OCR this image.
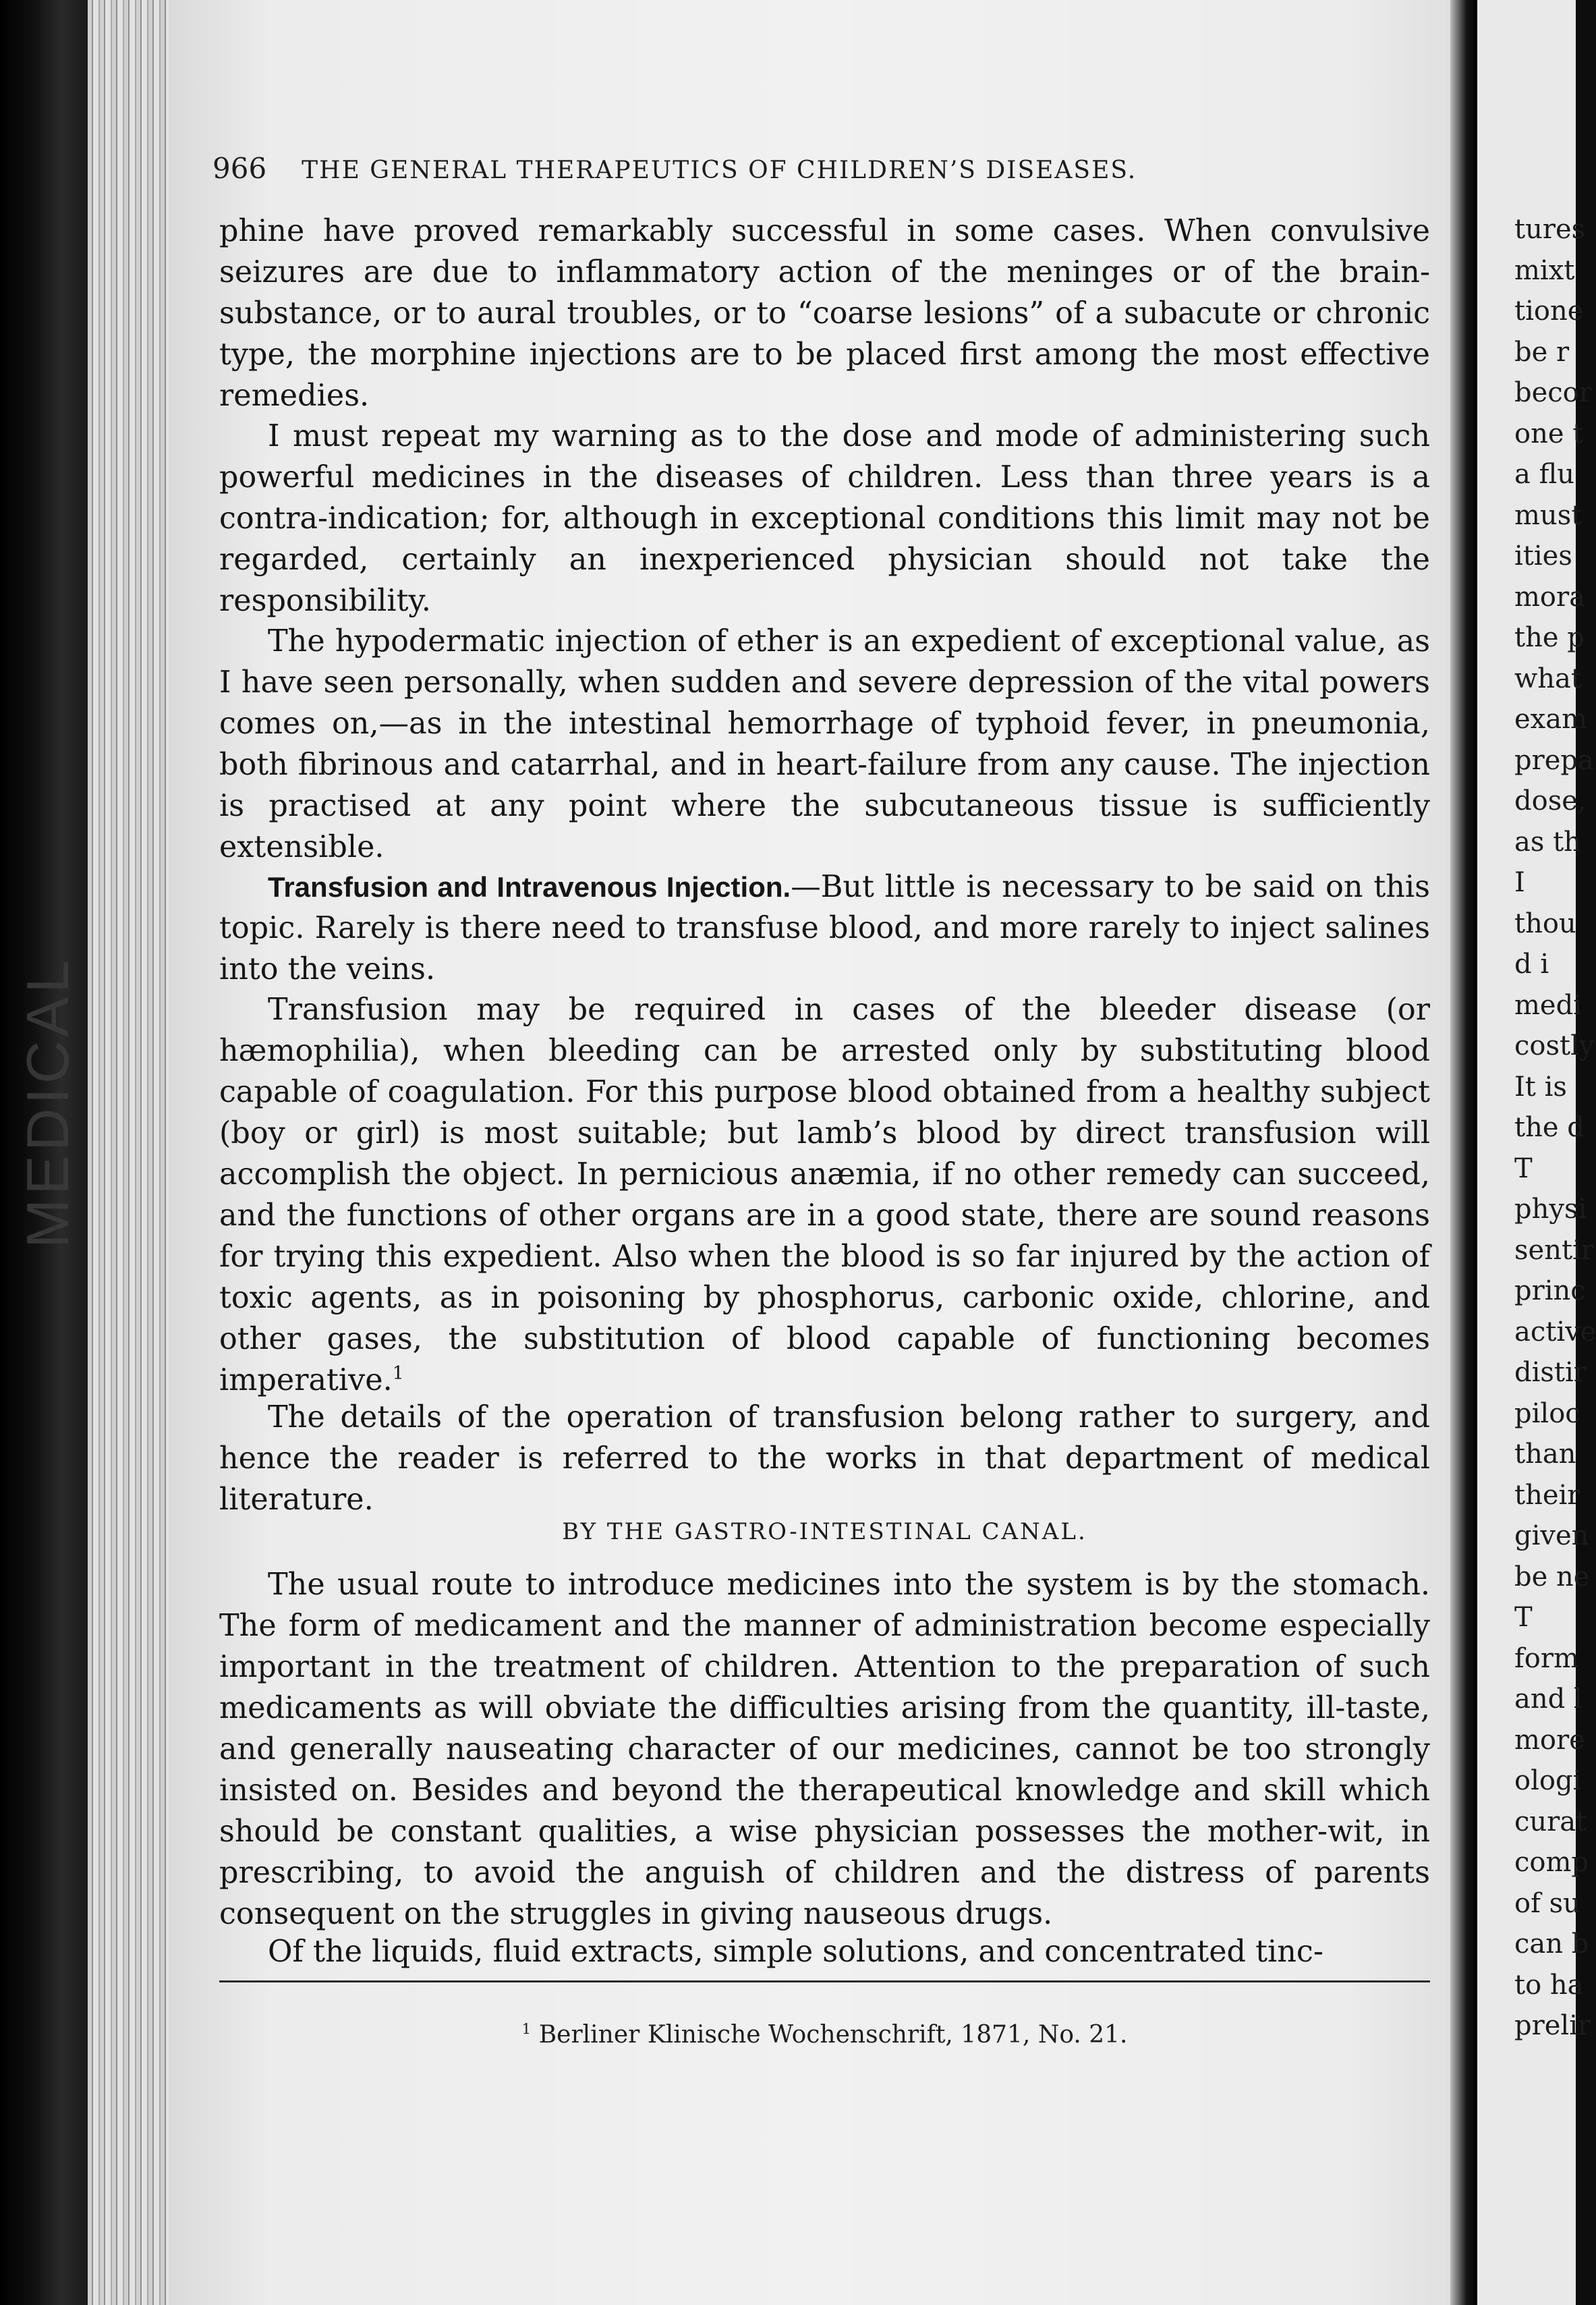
MEDICAL
966 THE GENERAL THERAPEUTICS OF CHILDREN’S DISEASES.

phine have proved remarkably successful in some cases. When convulsive seizures are due to inflammatory action of the meninges or of the brain-substance, or to aural troubles, or to “coarse lesions” of a subacute or chronic type, the morphine injections are to be placed first among the most effective remedies.

I must repeat my warning as to the dose and mode of administering such powerful medicines in the diseases of children. Less than three years is a contra-indication; for, although in exceptional conditions this limit may not be regarded, certainly an inexperienced physician should not take the responsibility.

The hypodermatic injection of ether is an expedient of exceptional value, as I have seen personally, when sudden and severe depression of the vital powers comes on,—as in the intestinal hemorrhage of typhoid fever, in pneumonia, both fibrinous and catarrhal, and in heart-failure from any cause. The injection is practised at any point where the subcutaneous tissue is sufficiently extensible.

Transfusion and Intravenous Injection.—But little is necessary to be said on this topic. Rarely is there need to transfuse blood, and more rarely to inject salines into the veins.

Transfusion may be required in cases of the bleeder disease (or hæmophilia), when bleeding can be arrested only by substituting blood capable of coagulation. For this purpose blood obtained from a healthy subject (boy or girl) is most suitable; but lamb’s blood by direct transfusion will accomplish the object. In pernicious anæmia, if no other remedy can succeed, and the functions of other organs are in a good state, there are sound reasons for trying this expedient. Also when the blood is so far injured by the action of toxic agents, as in poisoning by phosphorus, carbonic oxide, chlorine, and other gases, the substitution of blood capable of functioning becomes imperative.$^1$

The details of the operation of transfusion belong rather to surgery, and hence the reader is referred to the works in that department of medical literature.

BY THE GASTRO-INTESTINAL CANAL.

The usual route to introduce medicines into the system is by the stomach. The form of medicament and the manner of administration become especially important in the treatment of children. Attention to the preparation of such medicaments as will obviate the difficulties arising from the quantity, ill-taste, and generally nauseating character of our medicines, cannot be too strongly insisted on. Besides and beyond the therapeutical knowledge and skill which should be constant qualities, a wise physician possesses the mother-wit, in prescribing, to avoid the anguish of children and the distress of parents consequent on the struggles in giving nauseous drugs.

Of the liquids, fluid extracts, simple solutions, and concentrated tinc-

$^1$ Berliner Klinische Wochenschrift, 1871, No. 21.
tures
mixt
tione
be r
becor
one t
a flu
must
ities
mora
the p
what
exam
prepa
dose,
as th
I
thou
d i
medi
costly
It is
the d
T
physi
sentir
princ
active
distir
piloc
than
their
given
be ne
T
form
and l
more
ologi
curat
comp
of su
can b
to ha
prelir
